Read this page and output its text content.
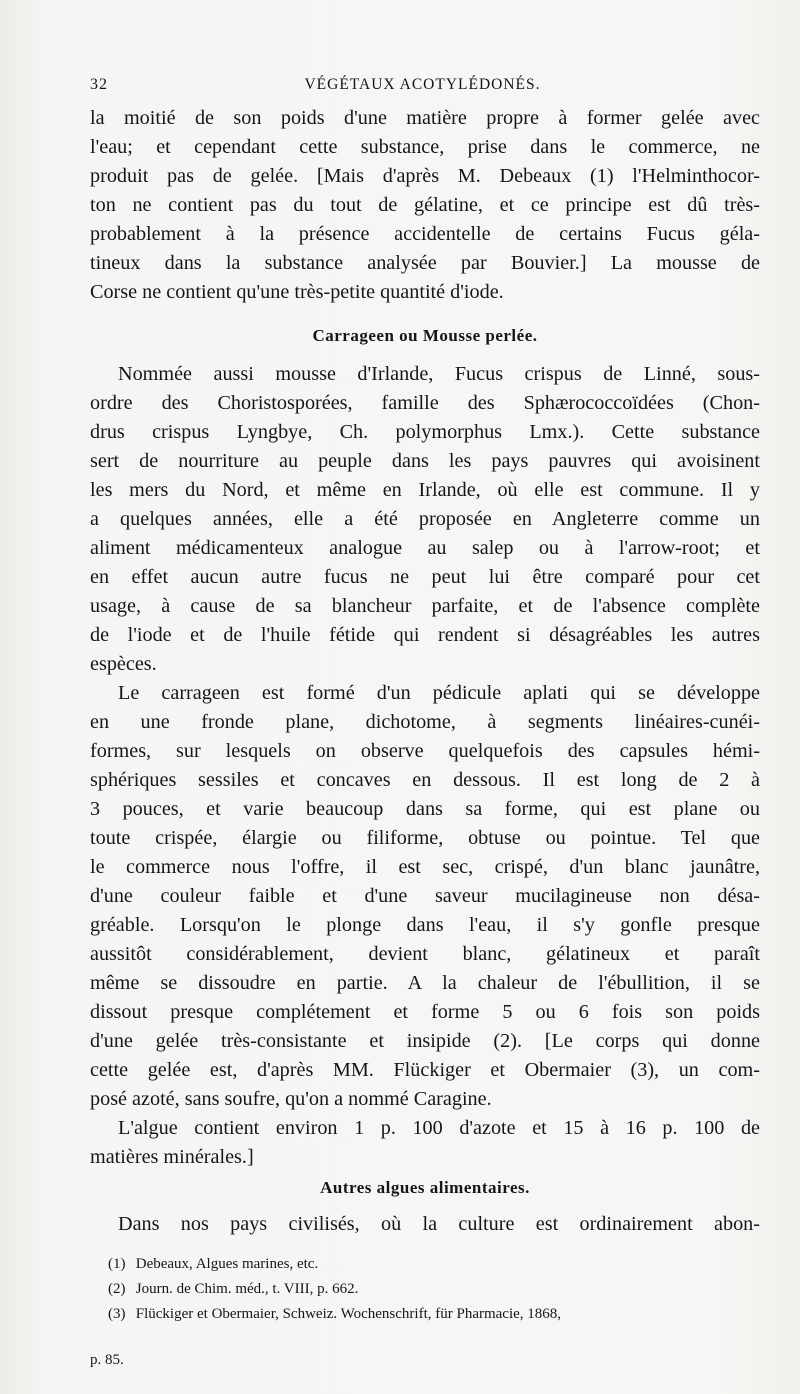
32	VÉGÉTAUX ACOTYLÉDONÉS.
la moitié de son poids d'une matière propre à former gelée avec
l'eau; et cependant cette substance, prise dans le commerce, ne
produit pas de gelée. [Mais d'après M. Debeaux (1) l'Helminthocor-
ton ne contient pas du tout de gélatine, et ce principe est dû très-
probablement à la présence accidentelle de certains Fucus géla-
tineux dans la substance analysée par Bouvier.] La mousse de
Corse ne contient qu'une très-petite quantité d'iode.
Carrageen ou Mousse perlée.
Nommée aussi mousse d'Irlande, Fucus crispus de Linné, sous-
ordre des Choristosporées, famille des Sphærococcoïdées (Chon-
drus crispus Lyngbye, Ch. polymorphus Lmx.). Cette substance
sert de nourriture au peuple dans les pays pauvres qui avoisinent
les mers du Nord, et même en Irlande, où elle est commune. Il y
a quelques années, elle a été proposée en Angleterre comme un
aliment médicamenteux analogue au salep ou à l'arrow-root; et
en effet aucun autre fucus ne peut lui être comparé pour cet
usage, à cause de sa blancheur parfaite, et de l'absence complète
de l'iode et de l'huile fétide qui rendent si désagréables les autres
espèces.
Le carrageen est formé d'un pédicule aplati qui se développe
en une fronde plane, dichotome, à segments linéaires-cunéi-
formes, sur lesquels on observe quelquefois des capsules hémi-
sphériques sessiles et concaves en dessous. Il est long de 2 à
3 pouces, et varie beaucoup dans sa forme, qui est plane ou
toute crispée, élargie ou filiforme, obtuse ou pointue. Tel que
le commerce nous l'offre, il est sec, crispé, d'un blanc jaunâtre,
d'une couleur faible et d'une saveur mucilagineuse non désa-
gréable. Lorsqu'on le plonge dans l'eau, il s'y gonfle presque
aussitôt considérablement, devient blanc, gélatineux et paraît
même se dissoudre en partie. A la chaleur de l'ébullition, il se
dissout presque complétement et forme 5 ou 6 fois son poids
d'une gelée très-consistante et insipide (2). [Le corps qui donne
cette gelée est, d'après MM. Flückiger et Obermaier (3), un com-
posé azoté, sans soufre, qu'on a nommé Caragine.
L'algue contient environ 1 p. 100 d'azote et 15 à 16 p. 100 de
matières minérales.]
Autres algues alimentaires.
Dans nos pays civilisés, où la culture est ordinairement abon-
(1) Debeaux, Algues marines, etc.
(2) Journ. de Chim. méd., t. VIII, p. 662.
(3) Flückiger et Obermaier, Schweiz. Wochenschrift, für Pharmacie, 1868,
p. 85.
